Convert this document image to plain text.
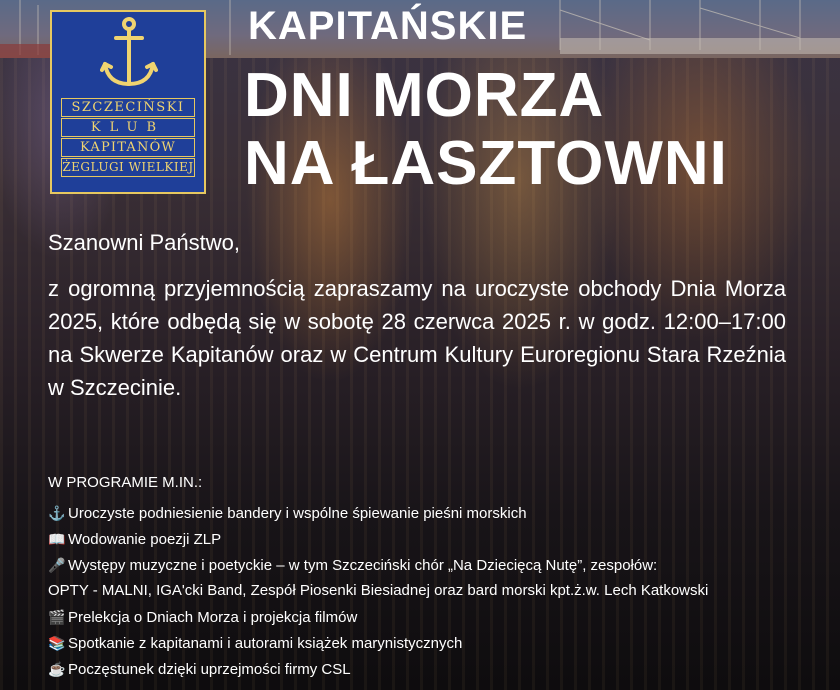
SZCZECIŃSKI
KLUB
KAPITANÓW
ŻEGLUGI WIELKIEJ
KAPITAŃSKIE
DNI MORZA
NA ŁASZTOWNI
Szanowni Państwo,
z ogromną przyjemnością zapraszamy na uroczyste obchody Dnia Morza 2025, które odbędą się w sobotę 28 czerwca 2025 r. w godz. 12:00–17:00 na Skwerze Kapitanów oraz w Centrum Kultury Euroregionu Stara Rzeźnia w Szczecinie.
W PROGRAMIE M.IN.:
⚓ Uroczyste podniesienie bandery i wspólne śpiewanie pieśni morskich
📖 Wodowanie poezji ZLP
🎤 Występy muzyczne i poetyckie – w tym Szczeciński chór „Na Dziecięcą Nutę”, zespołów:
OPTY - MALNI, IGA'cki Band, Zespół Piosenki Biesiadnej oraz bard morski kpt.ż.w. Lech Katkowski
🎬 Prelekcja o Dniach Morza i projekcja filmów
📚 Spotkanie z kapitanami i autorami książek marynistycznych
☕ Poczęstunek dzięki uprzejmości firmy CSL
